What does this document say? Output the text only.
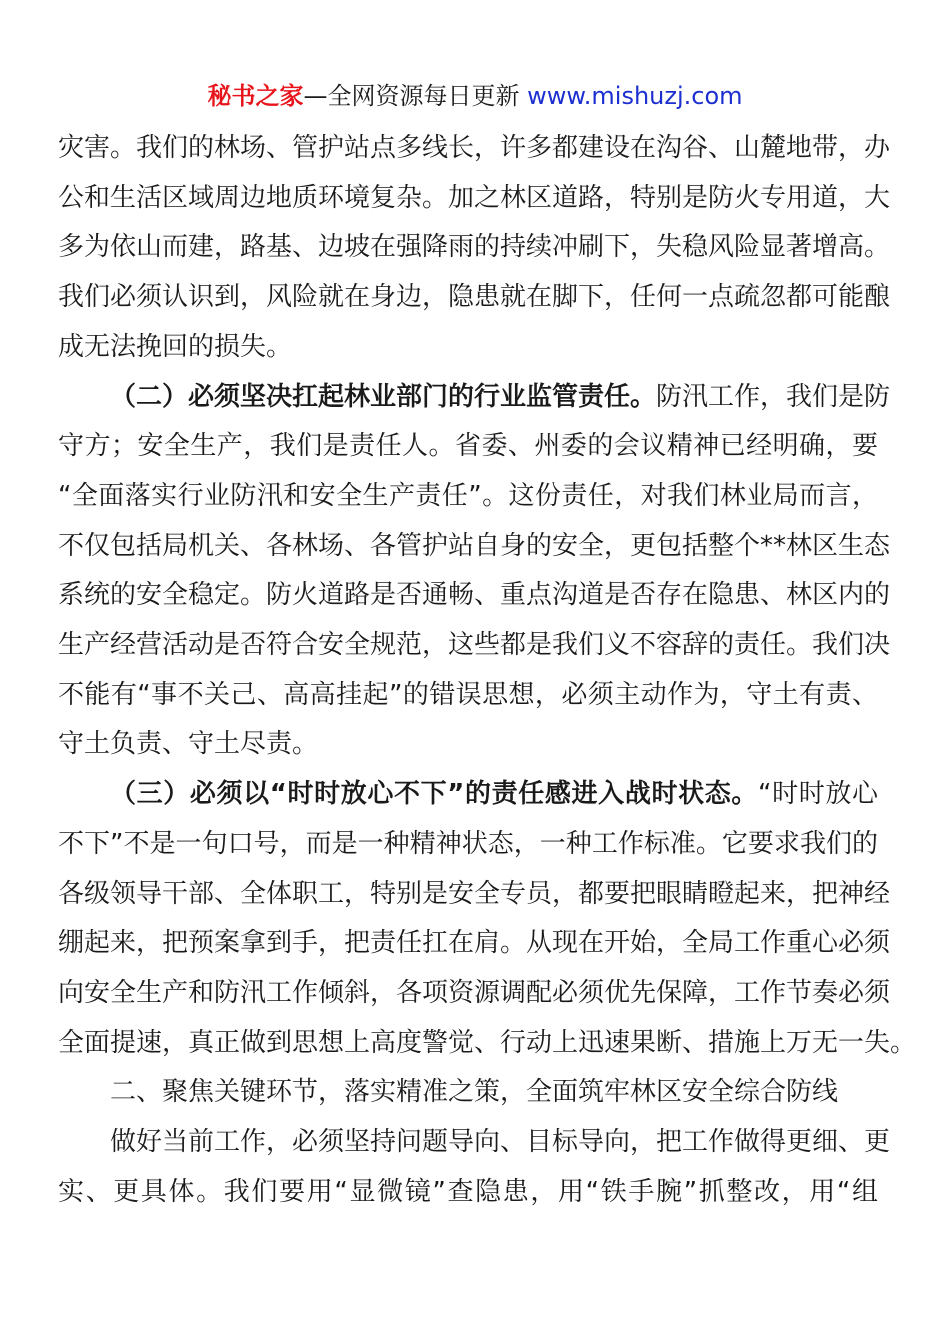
秘书之家—全网资源每日更新 www.mishuzj.com

灾害。我们的林场、管护站点多线长，许多都建设在沟谷、山麓地带，办
公和生活区域周边地质环境复杂。加之林区道路，特别是防火专用道，大
多为依山而建，路基、边坡在强降雨的持续冲刷下，失稳风险显著增高。
我们必须认识到，风险就在身边，隐患就在脚下，任何一点疏忽都可能酿
成无法挽回的损失。

（二）必须坚决扛起林业部门的行业监管责任。防汛工作，我们是防
守方；安全生产，我们是责任人。省委、州委的会议精神已经明确，要
“全面落实行业防汛和安全生产责任”。这份责任，对我们林业局而言，
不仅包括局机关、各林场、各管护站自身的安全，更包括整个**林区生态
系统的安全稳定。防火道路是否通畅、重点沟道是否存在隐患、林区内的
生产经营活动是否符合安全规范，这些都是我们义不容辞的责任。我们决
不能有“事不关己、高高挂起”的错误思想，必须主动作为，守土有责、
守土负责、守土尽责。

（三）必须以“时时放心不下”的责任感进入战时状态。“时时放心
不下”不是一句口号，而是一种精神状态，一种工作标准。它要求我们的
各级领导干部、全体职工，特别是安全专员，都要把眼睛瞪起来，把神经
绷起来，把预案拿到手，把责任扛在肩。从现在开始，全局工作重心必须
向安全生产和防汛工作倾斜，各项资源调配必须优先保障，工作节奏必须
全面提速，真正做到思想上高度警觉、行动上迅速果断、措施上万无一失。

二、聚焦关键环节，落实精准之策，全面筑牢林区安全综合防线

做好当前工作，必须坚持问题导向、目标导向，把工作做得更细、更
实、更具体。我们要用“显微镜”查隐患，用“铁手腕”抓整改，用“组
